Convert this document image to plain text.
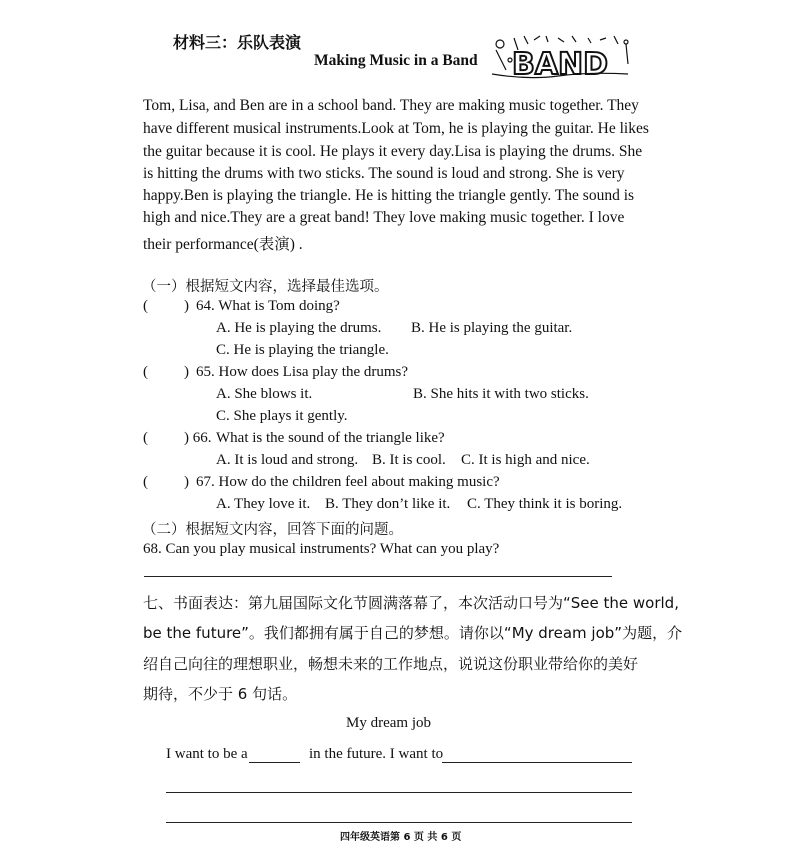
材料三：乐队表演
Making Music in a Band BAND
Tom, Lisa, and Ben are in a school band. They are making music together. They
have different musical instruments.Look at Tom, he is playing the guitar. He likes
the guitar because it is cool. He plays it every day.Lisa is playing the drums. She
is hitting the drums with two sticks. The sound is loud and strong. She is very
happy.Ben is playing the triangle. He is hitting the triangle gently. The sound is
high and nice.They are a great band! They love making music together. I love
their performance(表演) .
（一）根据短文内容，选择最佳选项。
( ) 64. What is Tom doing?
A. He is playing the drums. B. He is playing the guitar.
C. He is playing the triangle.
( ) 65. How does Lisa play the drums?
A. She blows it.	B. She hits it with two sticks.
C. She plays it gently.
( ) 66. What is the sound of the triangle like?
A. It is loud and strong. B. It is cool. C. It is high and nice.
( ) 67. How do the children feel about making music?
A. They love it. B. They don’t like it. C. They think it is boring.
（二）根据短文内容，回答下面的问题。
68. Can you play musical instruments? What can you play?
七、书面表达：第九届国际文化节圆满落幕了，本次活动口号为“See the world,
be the future”。我们都拥有属于自己的梦想。请你以“My dream job”为题，介
绍自己向往的理想职业，畅想未来的工作地点，说说这份职业带给你的美好
期待，不少于 6 句话。
My dream job
I want to be a	in the future. I want to
四年级英语第 6 页 共 6 页
